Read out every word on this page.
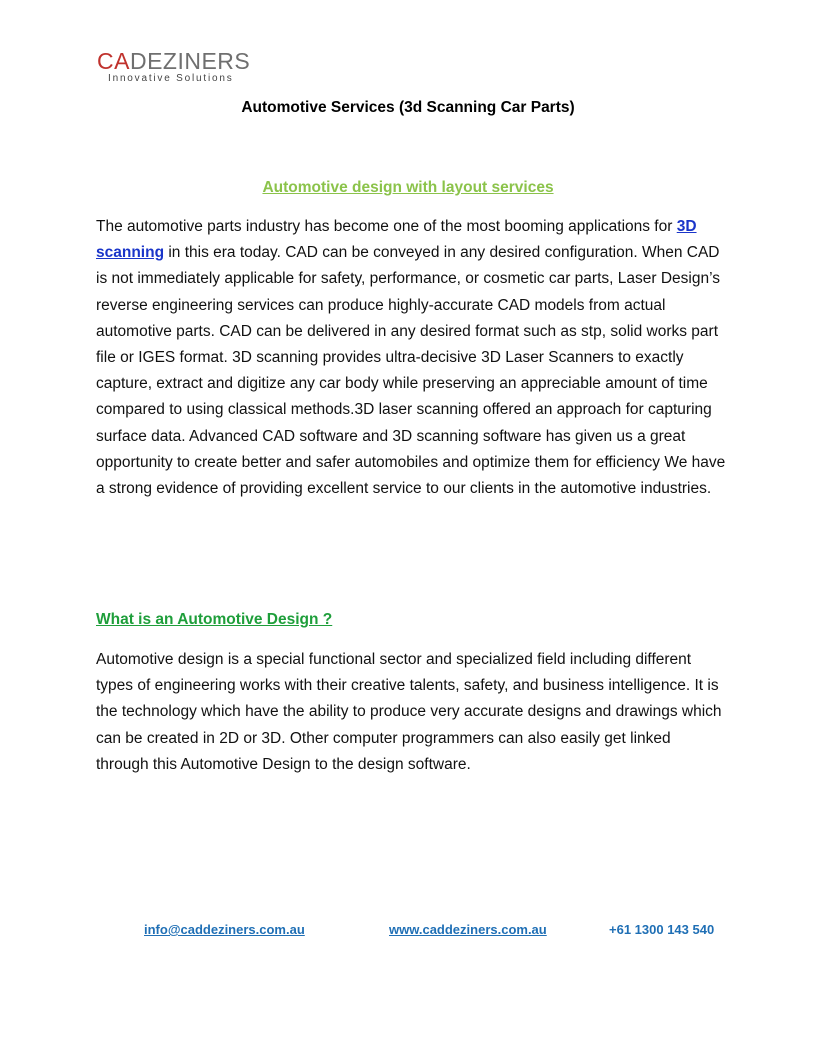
CADEZINERS
Innovative Solutions
Automotive Services (3d Scanning Car Parts)
Automotive design with layout services

The automotive parts industry has become one of the most booming applications for 3D scanning in this era today. CAD can be conveyed in any desired configuration. When CAD is not immediately applicable for safety, performance, or cosmetic car parts, Laser Design’s reverse engineering services can produce highly-accurate CAD models from actual automotive parts. CAD can be delivered in any desired format such as stp, solid works part file or IGES format. 3D scanning provides ultra-decisive 3D Laser Scanners to exactly capture, extract and digitize any car body while preserving an appreciable amount of time compared to using classical methods.3D laser scanning offered an approach for capturing surface data. Advanced CAD software and 3D scanning software has given us a great opportunity to create better and safer automobiles and optimize them for efficiency We have a strong evidence of providing excellent service to our clients in the automotive industries.

What is an Automotive Design ?

Automotive design is a special functional sector and specialized field including different types of engineering works with their creative talents, safety, and business intelligence. It is the technology which have the ability to produce very accurate designs and drawings which can be created in 2D or 3D. Other computer programmers can also easily get linked through this Automotive Design to the design software.

info@caddeziners.com.au	www.caddeziners.com.au	+61 1300 143 540
